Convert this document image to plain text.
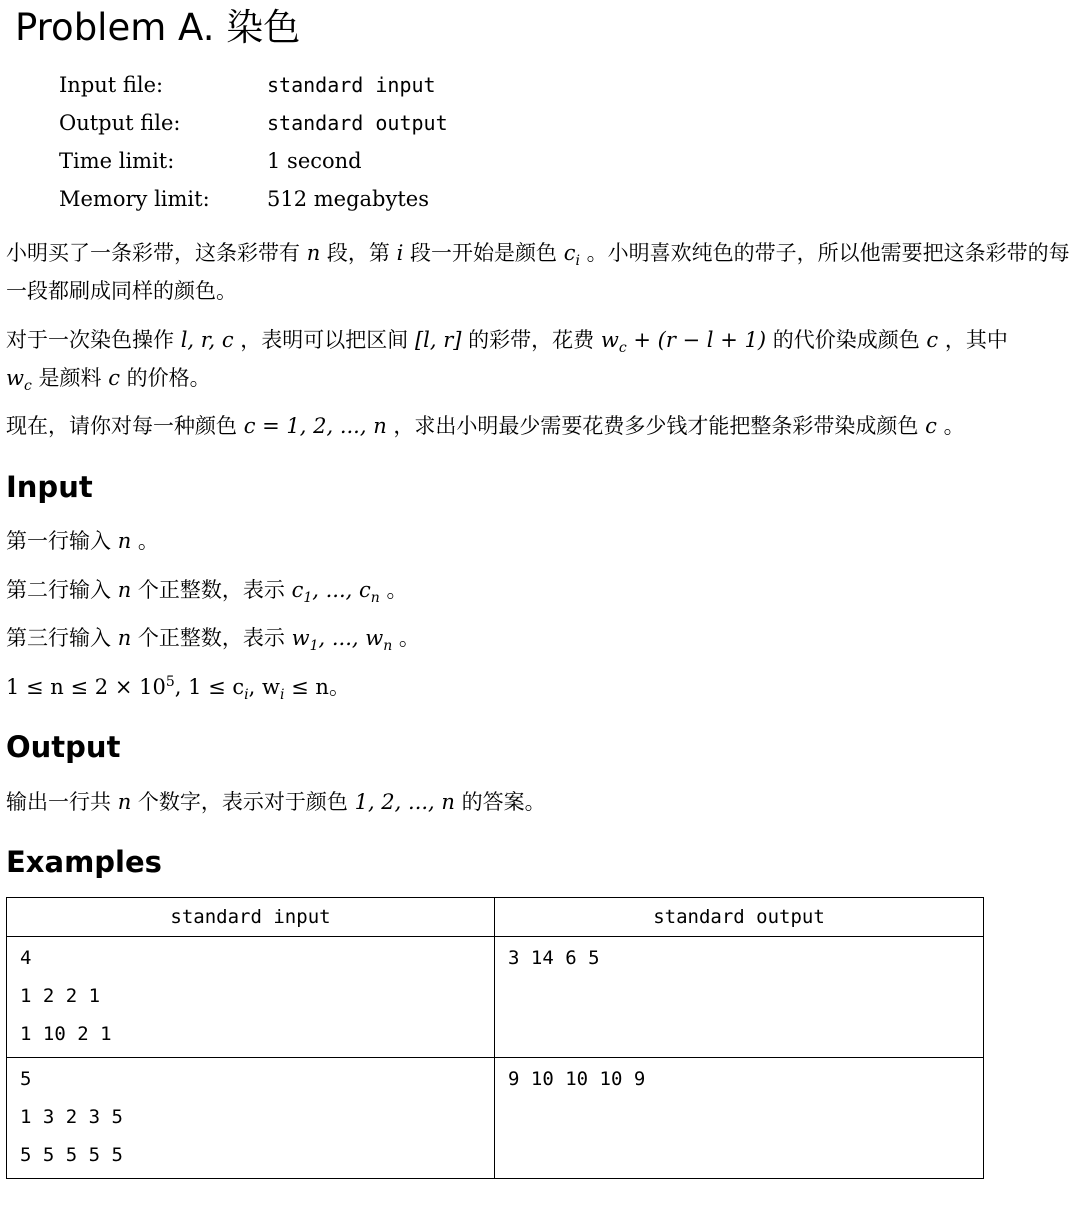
Problem A. 染色
Input file:	standard input
Output file:	standard output
Time limit:	1 second
Memory limit:	512 megabytes

小明买了一条彩带，这条彩带有 n 段，第 i 段一开始是颜色 $c_i$ 。小明喜欢纯色的带子，所以他需要把这条彩带的每一段都刷成同样的颜色。

对于一次染色操作 l, r, c ，表明可以把区间 [l, r] 的彩带，花费 $w_c + (r - l + 1)$ 的代价染成颜色 c ，其中
$w_c$ 是颜料 c 的价格。

现在，请你对每一种颜色 c = 1, 2, ..., n ，求出小明最少需要花费多少钱才能把整条彩带染成颜色 c 。

Input

第一行输入 n 。

第二行输入 n 个正整数，表示 $c_1$, ..., $c_n$ 。

第三行输入 n 个正整数，表示 $w_1$, ..., $w_n$ 。

$1 \le n \le 2 \times 10^5$, $1 \le c_i$, $w_i \le n$。

Output

输出一行共 n 个数字，表示对于颜色 1, 2, ..., n 的答案。

Examples
standard input	standard output

4
1 2 2 1
1 10 2 1	3 14 6 5

5
1 3 2 3 5
5 5 5 5 5	9 10 10 10 9
